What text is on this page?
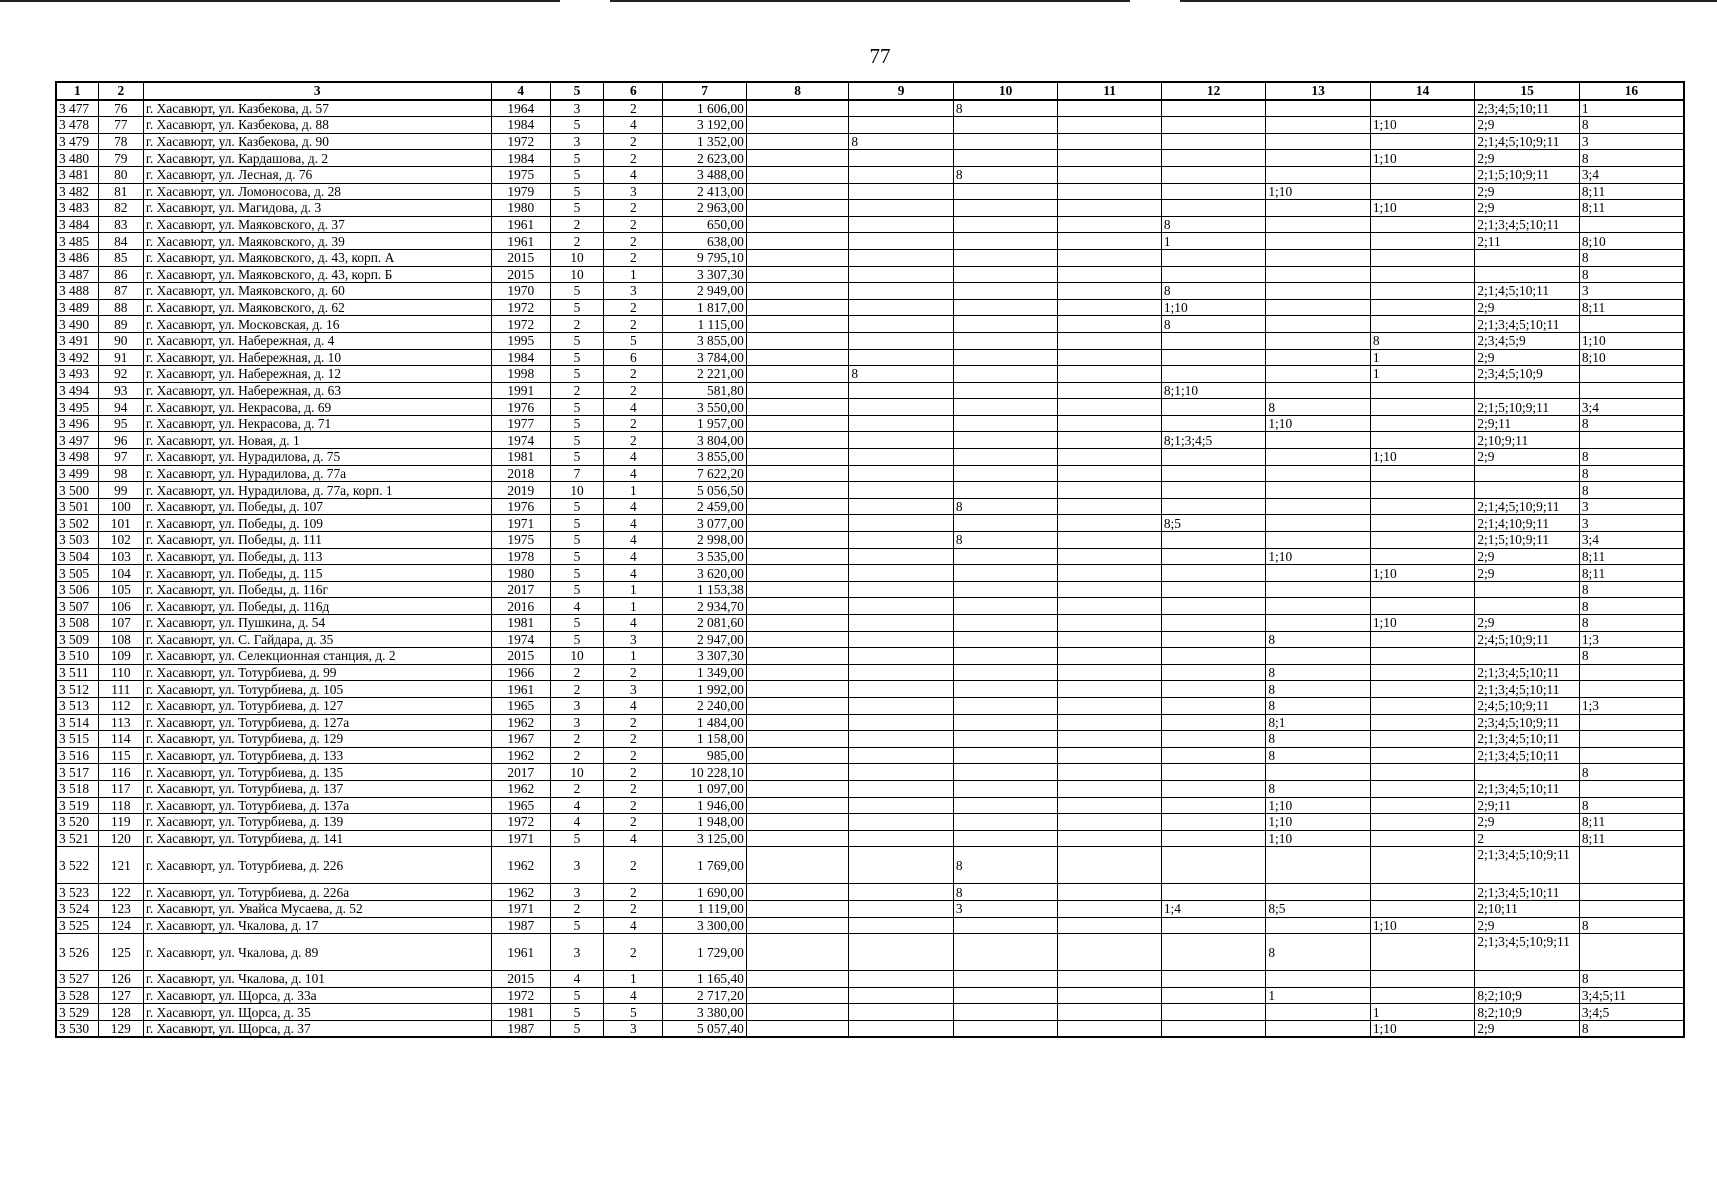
77
1	2	3	4	5	6	7	8	9	10	11	12	13	14	15	16
3 477	76	г. Хасавюрт, ул. Казбекова, д. 57	1964	3	2	1 606,00			8					2;3;4;5;10;11	1
3 478	77	г. Хасавюрт, ул. Казбекова, д. 88	1984	5	4	3 192,00							1;10	2;9	8
3 479	78	г. Хасавюрт, ул. Казбекова, д. 90	1972	3	2	1 352,00		8						2;1;4;5;10;9;11	3
3 480	79	г. Хасавюрт, ул. Кардашова, д. 2	1984	5	2	2 623,00							1;10	2;9	8
3 481	80	г. Хасавюрт, ул. Лесная, д. 76	1975	5	4	3 488,00			8					2;1;5;10;9;11	3;4
3 482	81	г. Хасавюрт, ул. Ломоносова, д. 28	1979	5	3	2 413,00						1;10		2;9	8;11
3 483	82	г. Хасавюрт, ул. Магидова, д. 3	1980	5	2	2 963,00							1;10	2;9	8;11
3 484	83	г. Хасавюрт, ул. Маяковского, д. 37	1961	2	2	650,00					8			2;1;3;4;5;10;11	
3 485	84	г. Хасавюрт, ул. Маяковского, д. 39	1961	2	2	638,00					1			2;11	8;10
3 486	85	г. Хасавюрт, ул. Маяковского, д. 43, корп. А	2015	10	2	9 795,10									8
3 487	86	г. Хасавюрт, ул. Маяковского, д. 43, корп. Б	2015	10	1	3 307,30									8
3 488	87	г. Хасавюрт, ул. Маяковского, д. 60	1970	5	3	2 949,00					8			2;1;4;5;10;11	3
3 489	88	г. Хасавюрт, ул. Маяковского, д. 62	1972	5	2	1 817,00					1;10			2;9	8;11
3 490	89	г. Хасавюрт, ул. Московская, д. 16	1972	2	2	1 115,00					8			2;1;3;4;5;10;11	
3 491	90	г. Хасавюрт, ул. Набережная, д. 4	1995	5	5	3 855,00							8	2;3;4;5;9	1;10
3 492	91	г. Хасавюрт, ул. Набережная, д. 10	1984	5	6	3 784,00							1	2;9	8;10
3 493	92	г. Хасавюрт, ул. Набережная, д. 12	1998	5	2	2 221,00		8					1	2;3;4;5;10;9	
3 494	93	г. Хасавюрт, ул. Набережная, д. 63	1991	2	2	581,80					8;1;10				
3 495	94	г. Хасавюрт, ул. Некрасова, д. 69	1976	5	4	3 550,00						8		2;1;5;10;9;11	3;4
3 496	95	г. Хасавюрт, ул. Некрасова, д. 71	1977	5	2	1 957,00						1;10		2;9;11	8
3 497	96	г. Хасавюрт, ул. Новая, д. 1	1974	5	2	3 804,00					8;1;3;4;5			2;10;9;11	
3 498	97	г. Хасавюрт, ул. Нурадилова, д. 75	1981	5	4	3 855,00							1;10	2;9	8
3 499	98	г. Хасавюрт, ул. Нурадилова, д. 77а	2018	7	4	7 622,20									8
3 500	99	г. Хасавюрт, ул. Нурадилова, д. 77а, корп. 1	2019	10	1	5 056,50									8
3 501	100	г. Хасавюрт, ул. Победы, д. 107	1976	5	4	2 459,00			8					2;1;4;5;10;9;11	3
3 502	101	г. Хасавюрт, ул. Победы, д. 109	1971	5	4	3 077,00					8;5			2;1;4;10;9;11	3
3 503	102	г. Хасавюрт, ул. Победы, д. 111	1975	5	4	2 998,00			8					2;1;5;10;9;11	3;4
3 504	103	г. Хасавюрт, ул. Победы, д. 113	1978	5	4	3 535,00						1;10		2;9	8;11
3 505	104	г. Хасавюрт, ул. Победы, д. 115	1980	5	4	3 620,00							1;10	2;9	8;11
3 506	105	г. Хасавюрт, ул. Победы, д. 116г	2017	5	1	1 153,38									8
3 507	106	г. Хасавюрт, ул. Победы, д. 116д	2016	4	1	2 934,70									8
3 508	107	г. Хасавюрт, ул. Пушкина, д. 54	1981	5	4	2 081,60							1;10	2;9	8
3 509	108	г. Хасавюрт, ул. С. Гайдара, д. 35	1974	5	3	2 947,00						8		2;4;5;10;9;11	1;3
3 510	109	г. Хасавюрт, ул. Селекционная станция, д. 2	2015	10	1	3 307,30									8
3 511	110	г. Хасавюрт, ул. Тотурбиева, д. 99	1966	2	2	1 349,00						8		2;1;3;4;5;10;11	
3 512	111	г. Хасавюрт, ул. Тотурбиева, д. 105	1961	2	3	1 992,00						8		2;1;3;4;5;10;11	
3 513	112	г. Хасавюрт, ул. Тотурбиева, д. 127	1965	3	4	2 240,00						8		2;4;5;10;9;11	1;3
3 514	113	г. Хасавюрт, ул. Тотурбиева, д. 127а	1962	3	2	1 484,00						8;1		2;3;4;5;10;9;11	
3 515	114	г. Хасавюрт, ул. Тотурбиева, д. 129	1967	2	2	1 158,00						8		2;1;3;4;5;10;11	
3 516	115	г. Хасавюрт, ул. Тотурбиева, д. 133	1962	2	2	985,00						8		2;1;3;4;5;10;11	
3 517	116	г. Хасавюрт, ул. Тотурбиева, д. 135	2017	10	2	10 228,10									8
3 518	117	г. Хасавюрт, ул. Тотурбиева, д. 137	1962	2	2	1 097,00						8		2;1;3;4;5;10;11	
3 519	118	г. Хасавюрт, ул. Тотурбиева, д. 137а	1965	4	2	1 946,00						1;10		2;9;11	8
3 520	119	г. Хасавюрт, ул. Тотурбиева, д. 139	1972	4	2	1 948,00						1;10		2;9	8;11
3 521	120	г. Хасавюрт, ул. Тотурбиева, д. 141	1971	5	4	3 125,00						1;10		2	8;11
3 522	121	г. Хасавюрт, ул. Тотурбиева, д. 226	1962	3	2	1 769,00			8					2;1;3;4;5;10;9;11	
3 523	122	г. Хасавюрт, ул. Тотурбиева, д. 226а	1962	3	2	1 690,00			8					2;1;3;4;5;10;11	
3 524	123	г. Хасавюрт, ул. Увайса Мусаева, д. 52	1971	2	2	1 119,00			3		1;4	8;5		2;10;11	
3 525	124	г. Хасавюрт, ул. Чкалова, д. 17	1987	5	4	3 300,00							1;10	2;9	8
3 526	125	г. Хасавюрт, ул. Чкалова, д. 89	1961	3	2	1 729,00						8		2;1;3;4;5;10;9;11	
3 527	126	г. Хасавюрт, ул. Чкалова, д. 101	2015	4	1	1 165,40									8
3 528	127	г. Хасавюрт, ул. Щорса, д. 33а	1972	5	4	2 717,20						1		8;2;10;9	3;4;5;11
3 529	128	г. Хасавюрт, ул. Щорса, д. 35	1981	5	5	3 380,00							1	8;2;10;9	3;4;5
3 530	129	г. Хасавюрт, ул. Щорса, д. 37	1987	5	3	5 057,40							1;10	2;9	8
